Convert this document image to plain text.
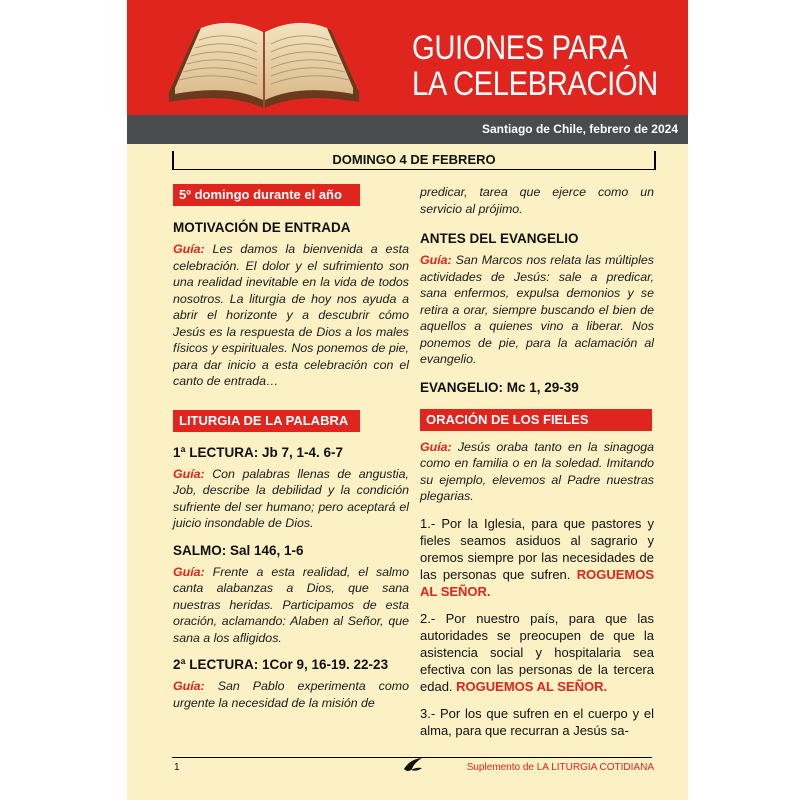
GUIONES PARA
LA CELEBRACIÓN
Santiago de Chile, febrero de 2024
DOMINGO 4 DE FEBRERO
5º domingo durante el año
MOTIVACIÓN DE ENTRADA

Guía: Les damos la bienvenida a esta celebración. El dolor y el sufrimiento son una realidad inevitable en la vida de todos nosotros. La liturgia de hoy nos ayuda a abrir el horizonte y a descubrir cómo Jesús es la respuesta de Dios a los males físicos y espirituales. Nos ponemos de pie, para dar inicio a esta celebración con el canto de entrada…

LITURGIA DE LA PALABRA
1ª LECTURA: Jb 7, 1-4. 6-7

Guía: Con palabras llenas de angustia, Job, describe la debilidad y la condición sufriente del ser humano; pero aceptará el juicio insondable de Dios.

SALMO: Sal 146, 1-6

Guía: Frente a esta realidad, el salmo canta alabanzas a Dios, que sana nuestras heridas. Participamos de esta oración, aclamando: Alaben al Señor, que sana a los afligidos.

2ª LECTURA: 1Cor 9, 16-19. 22-23

Guía: San Pablo experimenta como urgente la necesidad de la misión de

predicar, tarea que ejerce como un servicio al prójimo.

ANTES DEL EVANGELIO

Guía: San Marcos nos relata las múltiples actividades de Jesús: sale a predicar, sana enfermos, expulsa demonios y se retira a orar, siempre buscando el bien de aquellos a quienes vino a liberar. Nos ponemos de pie, para la aclamación al evangelio.

EVANGELIO: Mc 1, 29-39
ORACIÓN DE LOS FIELES

Guía: Jesús oraba tanto en la sinagoga como en familia o en la soledad. Imitando su ejemplo, elevemos al Padre nuestras plegarias.

1.- Por la Iglesia, para que pastores y fieles seamos asiduos al sagrario y oremos siempre por las necesidades de las personas que sufren. ROGUEMOS AL SEÑOR.

2.- Por nuestro país, para que las autoridades se preocupen de que la asistencia social y hospitalaria sea efectiva con las personas de la tercera edad. ROGUEMOS AL SEÑOR.

3.- Por los que sufren en el cuerpo y el alma, para que recurran a Jesús sa-

1	Suplemento de LA LITURGIA COTIDIANA
